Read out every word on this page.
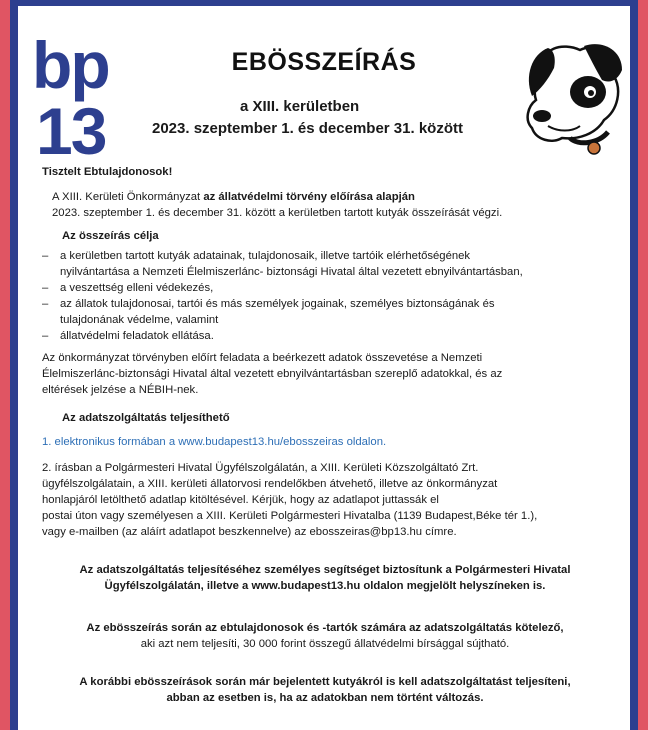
bp
13
EBÖSSZEÍRÁS
a XIII. kerületben
2023. szeptember 1. és december 31. között
Tisztelt Ebtulajdonosok!
A XIII. Kerületi Önkormányzat az állatvédelmi törvény előírása alapján
2023. szeptember 1. és december 31. között a kerületben tartott kutyák összeírását végzi.
Az összeírás célja
– a kerületben tartott kutyák adatainak, tulajdonosaik, illetve tartóik elérhetőségének
nyilvántartása a Nemzeti Élelmiszerlánc- biztonsági Hivatal által vezetett ebnyilvántartásban,
– a veszettség elleni védekezés,
– az állatok tulajdonosai, tartói és más személyek jogainak, személyes biztonságának és
tulajdonának védelme, valamint
– állatvédelmi feladatok ellátása.
Az önkormányzat törvényben előírt feladata a beérkezett adatok összevetése a Nemzeti
Élelmiszerlánc-biztonsági Hivatal által vezetett ebnyilvántartásban szereplő adatokkal, és az
eltérések jelzése a NÉBIH-nek.
Az adatszolgáltatás teljesíthető
1. elektronikus formában a www.budapest13.hu/ebosszeiras oldalon.
2. írásban a Polgármesteri Hivatal Ügyfélszolgálatán, a XIII. Kerületi Közszolgáltató Zrt.
ügyfélszolgálatain, a XIII. kerületi állatorvosi rendelőkben átvehető, illetve az önkormányzat
honlapjáról letölthető adatlap kitöltésével. Kérjük, hogy az adatlapot juttassák el
postai úton vagy személyesen a XIII. Kerületi Polgármesteri Hivatalba (1139 Budapest,Béke tér 1.),
vagy e-mailben (az aláírt adatlapot beszkennelve) az ebosszeiras@bp13.hu címre.
Az adatszolgáltatás teljesítéséhez személyes segítséget biztosítunk a Polgármesteri Hivatal
Ügyfélszolgálatán, illetve a www.budapest13.hu oldalon megjelölt helyszíneken is.
Az ebösszeírás során az ebtulajdonosok és -tartók számára az adatszolgáltatás kötelező,
aki azt nem teljesíti, 30 000 forint összegű állatvédelmi bírsággal sújtható.
A korábbi ebösszeírások során már bejelentett kutyákról is kell adatszolgáltatást teljesíteni,
abban az esetben is, ha az adatokban nem történt változás.
